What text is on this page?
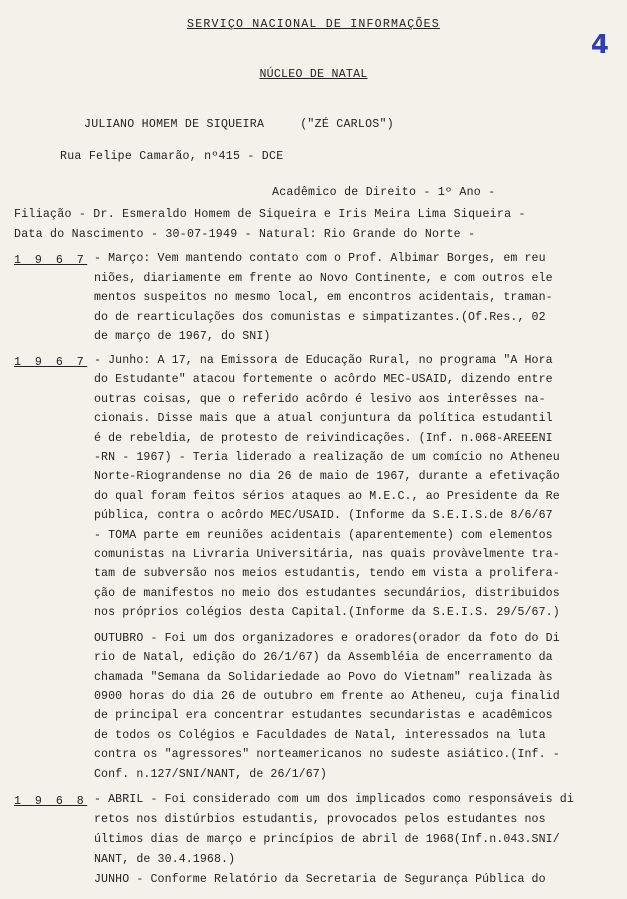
SERVIÇO NACIONAL DE INFORMAÇÕES
4
NÚCLEO DE NATAL
JULIANO HOMEM DE SIQUEIRA     ("ZÉ CARLOS")
Rua Felipe Camarão, nº415 - DCE
Acadêmico de Direito - 1º Ano -
Filiação - Dr. Esmeraldo Homem de Siqueira e Iris Meira Lima Siqueira -
Data do Nascimento - 30-07-1949 - Natural: Rio Grande do Norte -
1 9 6 7 - Março: Vem mantendo contato com o Prof. Albimar Borges, em reu
niões, diariamente em frente ao Novo Continente, e com outros ele
mentos suspeitos no mesmo local, em encontros acidentais, traman-
do de rearticulações dos comunistas e simpatizantes.(Of.Res., 02
de março de 1967, do SNI)
1 9 6 7 - Junho: A 17, na Emissora de Educação Rural, no programa "A Hora
do Estudante" atacou fortemente o acôrdo MEC-USAID, dizendo entre
outras coisas, que o referido acôrdo é lesivo aos interêsses na-
cionais. Disse mais que a atual conjuntura da política estudantil
é de rebeldia, de protesto de reivindicações. (Inf. n.068-AREEENI
-RN - 1967) - Teria liderado a realização de um comício no Atheneu
Norte-Riograndense no dia 26 de maio de 1967, durante a efetivação
do qual foram feitos sérios ataques ao M.E.C., ao Presidente da Re
pública, contra o acôrdo MEC/USAID. (Informe da S.E.I.S.de 8/6/67
- TOMA parte em reuniões acidentais (aparentemente) com elementos
comunistas na Livraria Universitária, nas quais provàvelmente tra-
tam de subversão nos meios estudantis, tendo em vista a prolifera-
ção de manifestos no meio dos estudantes secundários, distribuidos
nos próprios colégios desta Capital.(Informe da S.E.I.S. 29/5/67.)
OUTUBRO - Foi um dos organizadores e oradores(orador da foto do Di
rio de Natal, edição do 26/1/67) da Assembléia de encerramento da
chamada "Semana da Solidariedade ao Povo do Vietnam" realizada às
0900 horas do dia 26 de outubro em frente ao Atheneu, cuja finalid
de principal era concentrar estudantes secundaristas e acadêmicos
de todos os Colégios e Faculdades de Natal, interessados na luta
contra os "agressores" norteamericanos no sudeste asiático.(Inf. -
Conf. n.127/SNI/NANT, de 26/1/67)
1 9 6 8 - ABRIL - Foi considerado com um dos implicados como responsáveis di
retos nos distúrbios estudantis, provocados pelos estudantes nos
últimos dias de março e princípios de abril de 1968(Inf.n.043.SNI/
NANT, de 30.4.1968.)
JUNHO - Conforme Relatório da Secretaria de Segurança Pública do
